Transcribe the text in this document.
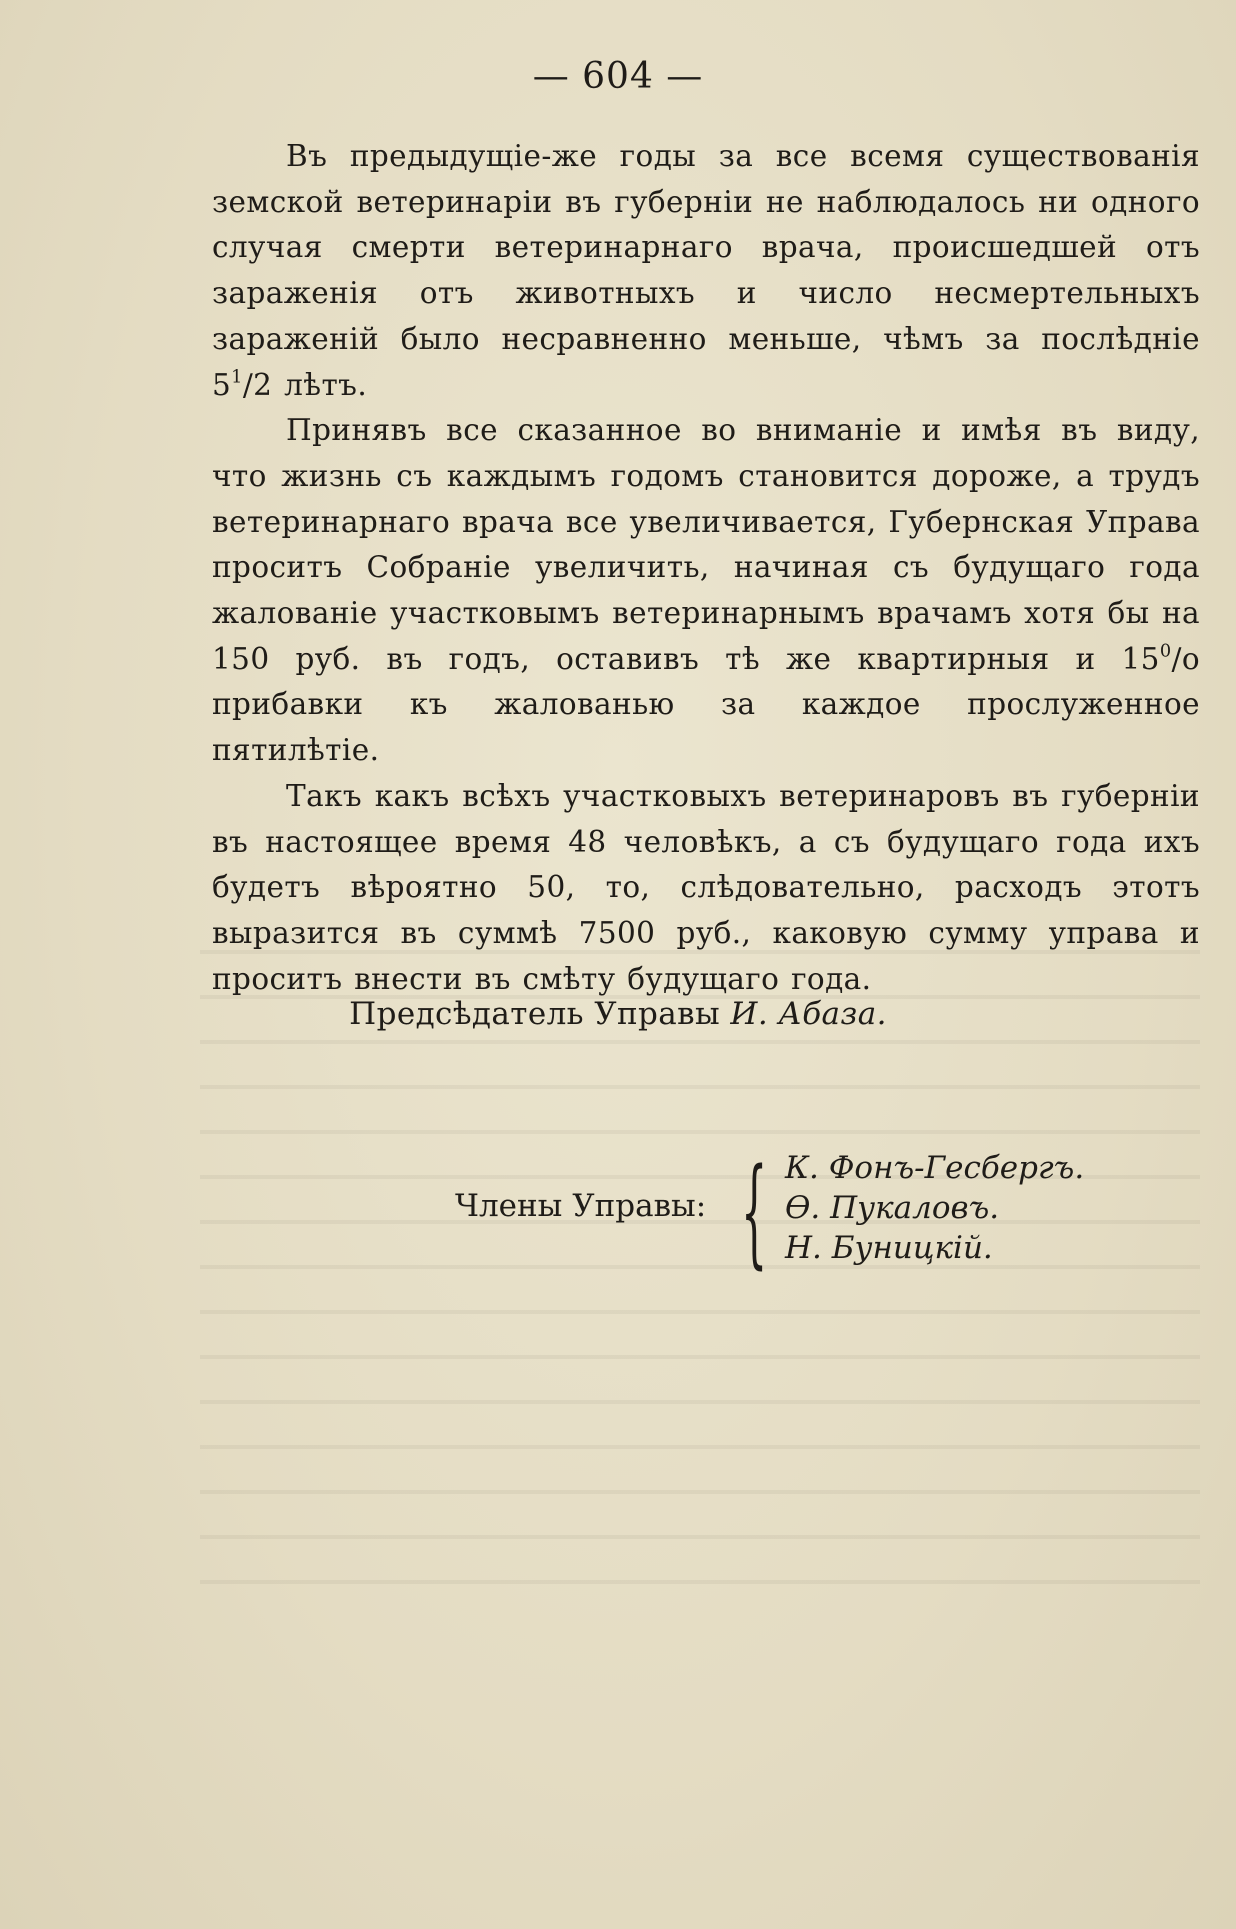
— 604 —

Въ предыдущіе-же годы за все всемя существованія земской ветеринаріи въ губерніи не наблюдалось ни одного случая смерти ветеринарнаго врача, происшедшей отъ зараженія отъ животныхъ и число несмертельныхъ зараженій было несравненно меньше, чѣмъ за послѣдніе $5^1/2$ лѣтъ.

Принявъ все сказанное во вниманіе и имѣя въ виду, что жизнь съ каждымъ годомъ становится дороже, а трудъ ветеринарнаго врача все увеличивается, Губернская Управа проситъ Собраніе увеличить, начиная съ будущаго года жалованіе участковымъ ветеринарнымъ врачамъ хотя бы на 150 руб. въ годъ, оставивъ тѣ же квартирныя и $15^0/o$ прибавки къ жалованью за каждое прослуженное пятилѣтіе.

Такъ какъ всѣхъ участковыхъ ветеринаровъ въ губерніи въ настоящее время 48 человѣкъ, а съ будущаго года ихъ будетъ вѣроятно 50, то, слѣдовательно, расходъ этотъ выразится въ суммѣ 7500 руб., каковую сумму управа и проситъ внести въ смѣту будущаго года.

Предсѣдатель Управы И. Абаза.
Члены Управы: { К. Фонъ-Гесбергъ.
Ѳ. Пукаловъ.
Н. Буницкій.
